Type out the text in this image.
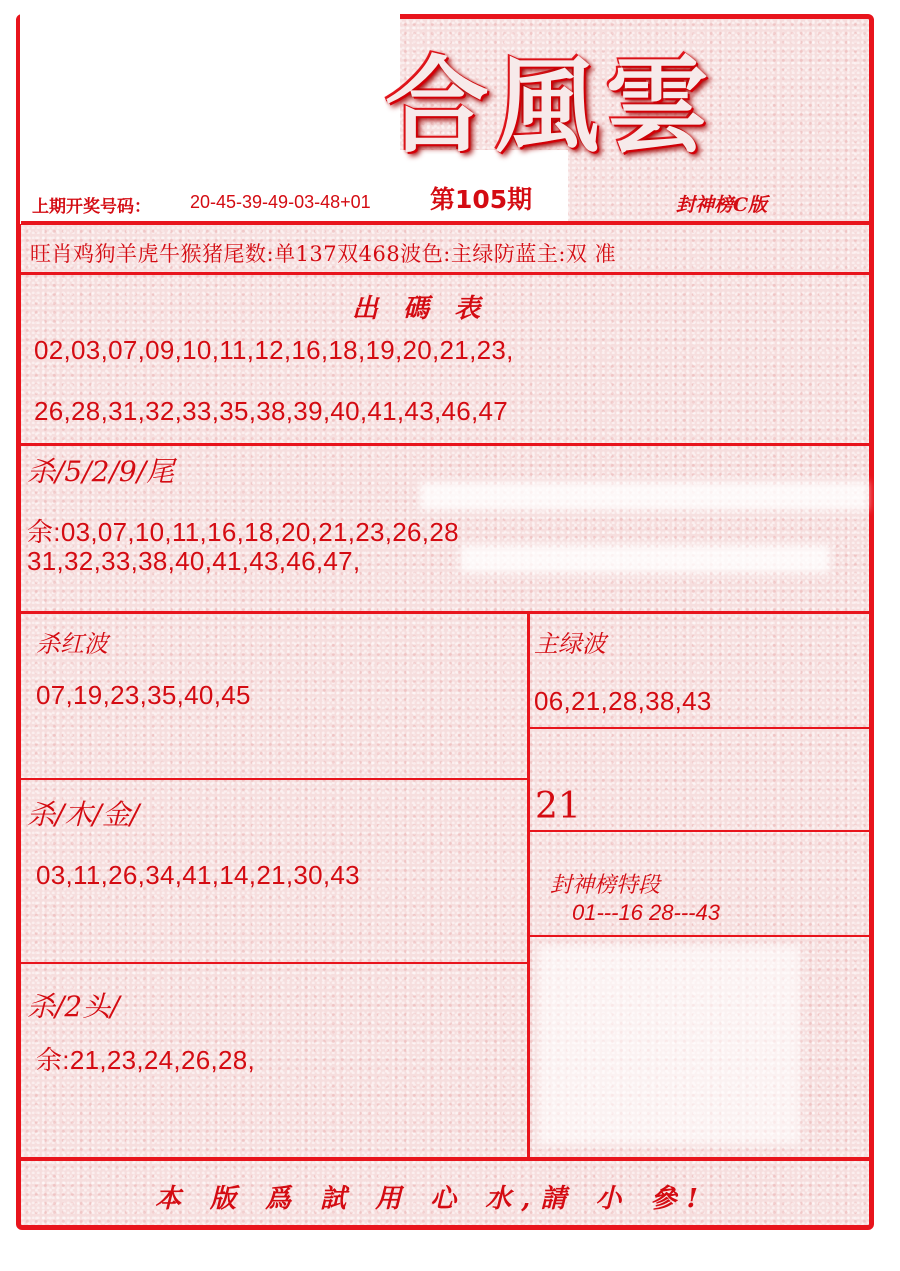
合風雲
封神榜C版
上期开奖号码： 20-45-39-49-03-48+01 第105期
旺肖鸡狗羊虎牛猴猪尾数:单137双468波色:主绿防蓝主:双 准
出 碼 表
02,03,07,09,10,11,12,16,18,19,20,21,23,
26,28,31,32,33,35,38,39,40,41,43,46,47
杀/5/2/9/尾
余:03,07,10,11,16,18,20,21,23,26,28
31,32,33,38,40,41,43,46,47,
杀红波
07,19,23,35,40,45
主绿波
06,21,28,38,43
杀/木/金/
03,11,26,34,41,14,21,30,43
21
封神榜特段
01---16 28---43
杀/2头/
余:21,23,24,26,28,
本 版 爲 試 用 心 水,請 小 參!
